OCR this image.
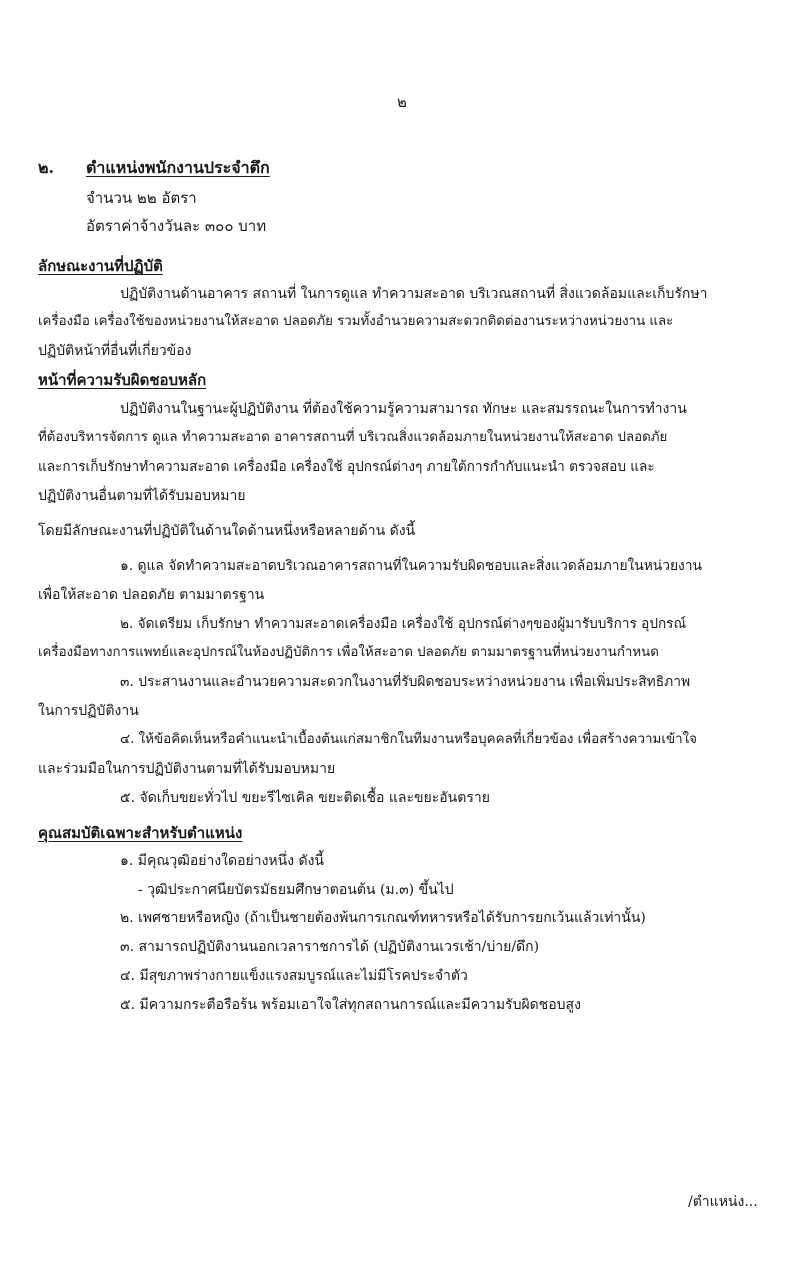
๒
๒. ตำแหน่งพนักงานประจำตึก
จำนวน ๒๒ อัตรา
อัตราค่าจ้างวันละ ๓๐๐ บาท
ลักษณะงานที่ปฏิบัติ
ปฏิบัติงานด้านอาคาร สถานที่ ในการดูแล ทำความสะอาด บริเวณสถานที่ สิ่งแวดล้อมและเก็บรักษา
เครื่องมือ เครื่องใช้ของหน่วยงานให้สะอาด ปลอดภัย รวมทั้งอำนวยความสะดวกติดต่องานระหว่างหน่วยงาน และ
ปฏิบัติหน้าที่อื่นที่เกี่ยวข้อง
หน้าที่ความรับผิดชอบหลัก
ปฏิบัติงานในฐานะผู้ปฏิบัติงาน ที่ต้องใช้ความรู้ความสามารถ ทักษะ และสมรรถนะในการทำงาน
ที่ต้องบริหารจัดการ ดูแล ทำความสะอาด อาคารสถานที่ บริเวณสิ่งแวดล้อมภายในหน่วยงานให้สะอาด ปลอดภัย
และการเก็บรักษาทำความสะอาด เครื่องมือ เครื่องใช้ อุปกรณ์ต่างๆ ภายใต้การกำกับแนะนำ ตรวจสอบ และ
ปฏิบัติงานอื่นตามที่ได้รับมอบหมาย
โดยมีลักษณะงานที่ปฏิบัติในด้านใดด้านหนึ่งหรือหลายด้าน ดังนี้
๑. ดูแล จัดทำความสะอาดบริเวณอาคารสถานที่ในความรับผิดชอบและสิ่งแวดล้อมภายในหน่วยงาน
เพื่อให้สะอาด ปลอดภัย ตามมาตรฐาน
๒. จัดเตรียม เก็บรักษา ทำความสะอาดเครื่องมือ เครื่องใช้ อุปกรณ์ต่างๆของผู้มารับบริการ อุปกรณ์
เครื่องมือทางการแพทย์และอุปกรณ์ในห้องปฏิบัติการ เพื่อให้สะอาด ปลอดภัย ตามมาตรฐานที่หน่วยงานกำหนด
๓. ประสานงานและอำนวยความสะดวกในงานที่รับผิดชอบระหว่างหน่วยงาน เพื่อเพิ่มประสิทธิภาพ
ในการปฏิบัติงาน
๔. ให้ข้อคิดเห็นหรือคำแนะนำเบื้องต้นแก่สมาชิกในทีมงานหรือบุคคลที่เกี่ยวข้อง เพื่อสร้างความเข้าใจ
และร่วมมือในการปฏิบัติงานตามที่ได้รับมอบหมาย
๕. จัดเก็บขยะทั่วไป ขยะรีไซเคิล ขยะติดเชื้อ และขยะอันตราย
คุณสมบัติเฉพาะสำหรับตำแหน่ง
๑. มีคุณวุฒิอย่างใดอย่างหนึ่ง ดังนี้
- วุฒิประกาศนียบัตรมัธยมศึกษาตอนต้น (ม.๓) ขึ้นไป
๒. เพศชายหรือหญิง (ถ้าเป็นชายต้องพ้นการเกณฑ์ทหารหรือได้รับการยกเว้นแล้วเท่านั้น)
๓. สามารถปฏิบัติงานนอกเวลาราชการได้ (ปฏิบัติงานเวรเช้า/บ่าย/ดึก)
๔. มีสุขภาพร่างกายแข็งแรงสมบูรณ์และไม่มีโรคประจำตัว
๕. มีความกระตือรือร้น พร้อมเอาใจใส่ทุกสถานการณ์และมีความรับผิดชอบสูง
/ตำแหน่ง...
